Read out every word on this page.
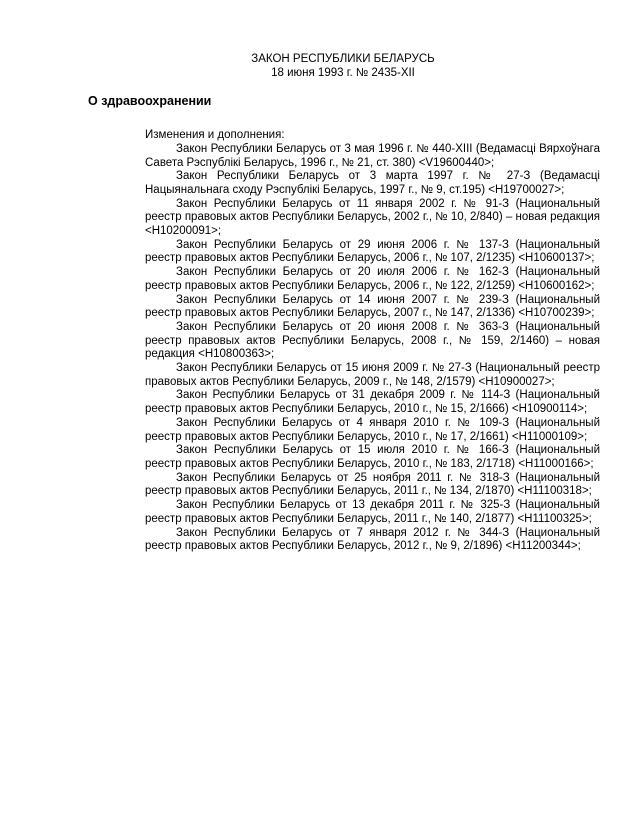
ЗАКОН РЕСПУБЛИКИ БЕЛАРУСЬ
18 июня 1993 г. № 2435-XII
О здравоохранении
Изменения и дополнения:

Закон Республики Беларусь от 3 мая 1996 г. № 440-XIII (Ведамасці Вярхоўнага Савета Рэспублікі Беларусь, 1996 г., № 21, ст. 380) <V19600440>;

Закон Республики Беларусь от 3 марта 1997 г. № 27-З (Ведамасці Нацыянальнага сходу Рэспублікі Беларусь, 1997 г., № 9, ст.195) <H19700027>;

Закон Республики Беларусь от 11 января 2002 г. № 91-З (Национальный реестр правовых актов Республики Беларусь, 2002 г., № 10, 2/840) – новая редакция <H10200091>;

Закон Республики Беларусь от 29 июня 2006 г. № 137-З (Национальный реестр правовых актов Республики Беларусь, 2006 г., № 107, 2/1235) <H10600137>;

Закон Республики Беларусь от 20 июля 2006 г. № 162-З (Национальный реестр правовых актов Республики Беларусь, 2006 г., № 122, 2/1259) <H10600162>;

Закон Республики Беларусь от 14 июня 2007 г. № 239-З (Национальный реестр правовых актов Республики Беларусь, 2007 г., № 147, 2/1336) <H10700239>;

Закон Республики Беларусь от 20 июня 2008 г. № 363-З (Национальный реестр правовых актов Республики Беларусь, 2008 г., № 159, 2/1460) – новая редакция <H10800363>;

Закон Республики Беларусь от 15 июня 2009 г. № 27-З (Национальный реестр правовых актов Республики Беларусь, 2009 г., № 148, 2/1579) <H10900027>;

Закон Республики Беларусь от 31 декабря 2009 г. № 114-З (Национальный реестр правовых актов Республики Беларусь, 2010 г., № 15, 2/1666) <H10900114>;

Закон Республики Беларусь от 4 января 2010 г. № 109-З (Национальный реестр правовых актов Республики Беларусь, 2010 г., № 17, 2/1661) <H11000109>;

Закон Республики Беларусь от 15 июля 2010 г. № 166-З (Национальный реестр правовых актов Республики Беларусь, 2010 г., № 183, 2/1718) <H11000166>;

Закон Республики Беларусь от 25 ноября 2011 г. № 318-З (Национальный реестр правовых актов Республики Беларусь, 2011 г., № 134, 2/1870) <H11100318>;

Закон Республики Беларусь от 13 декабря 2011 г. № 325-З (Национальный реестр правовых актов Республики Беларусь, 2011 г., № 140, 2/1877) <H11100325>;

Закон Республики Беларусь от 7 января 2012 г. № 344-З (Национальный реестр правовых актов Республики Беларусь, 2012 г., № 9, 2/1896) <H11200344>;
